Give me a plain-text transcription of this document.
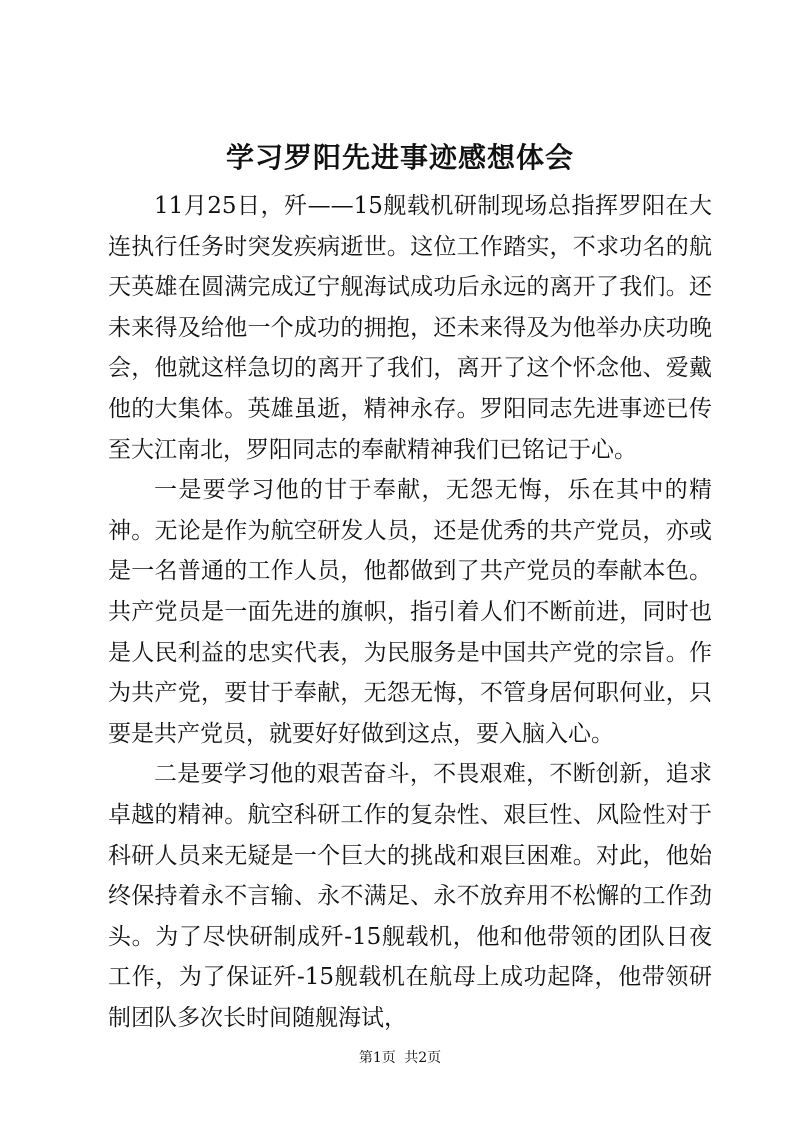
学习罗阳先进事迹感想体会

11月25日，歼——15舰载机研制现场总指挥罗阳在大连执行任务时突发疾病逝世。这位工作踏实，不求功名的航天英雄在圆满完成辽宁舰海试成功后永远的离开了我们。还未来得及给他一个成功的拥抱，还未来得及为他举办庆功晚会，他就这样急切的离开了我们，离开了这个怀念他、爱戴他的大集体。英雄虽逝，精神永存。罗阳同志先进事迹已传至大江南北，罗阳同志的奉献精神我们已铭记于心。

一是要学习他的甘于奉献，无怨无悔，乐在其中的精神。无论是作为航空研发人员，还是优秀的共产党员，亦或是一名普通的工作人员，他都做到了共产党员的奉献本色。共产党员是一面先进的旗帜，指引着人们不断前进，同时也是人民利益的忠实代表，为民服务是中国共产党的宗旨。作为共产党，要甘于奉献，无怨无悔，不管身居何职何业，只要是共产党员，就要好好做到这点，要入脑入心。

二是要学习他的艰苦奋斗，不畏艰难，不断创新，追求卓越的精神。航空科研工作的复杂性、艰巨性、风险性对于科研人员来无疑是一个巨大的挑战和艰巨困难。对此，他始终保持着永不言输、永不满足、永不放弃用不松懈的工作劲头。为了尽快研制成歼-15舰载机，他和他带领的团队日夜工作，为了保证歼-15舰载机在航母上成功起降，他带领研制团队多次长时间随舰海试，

第1页 共2页
